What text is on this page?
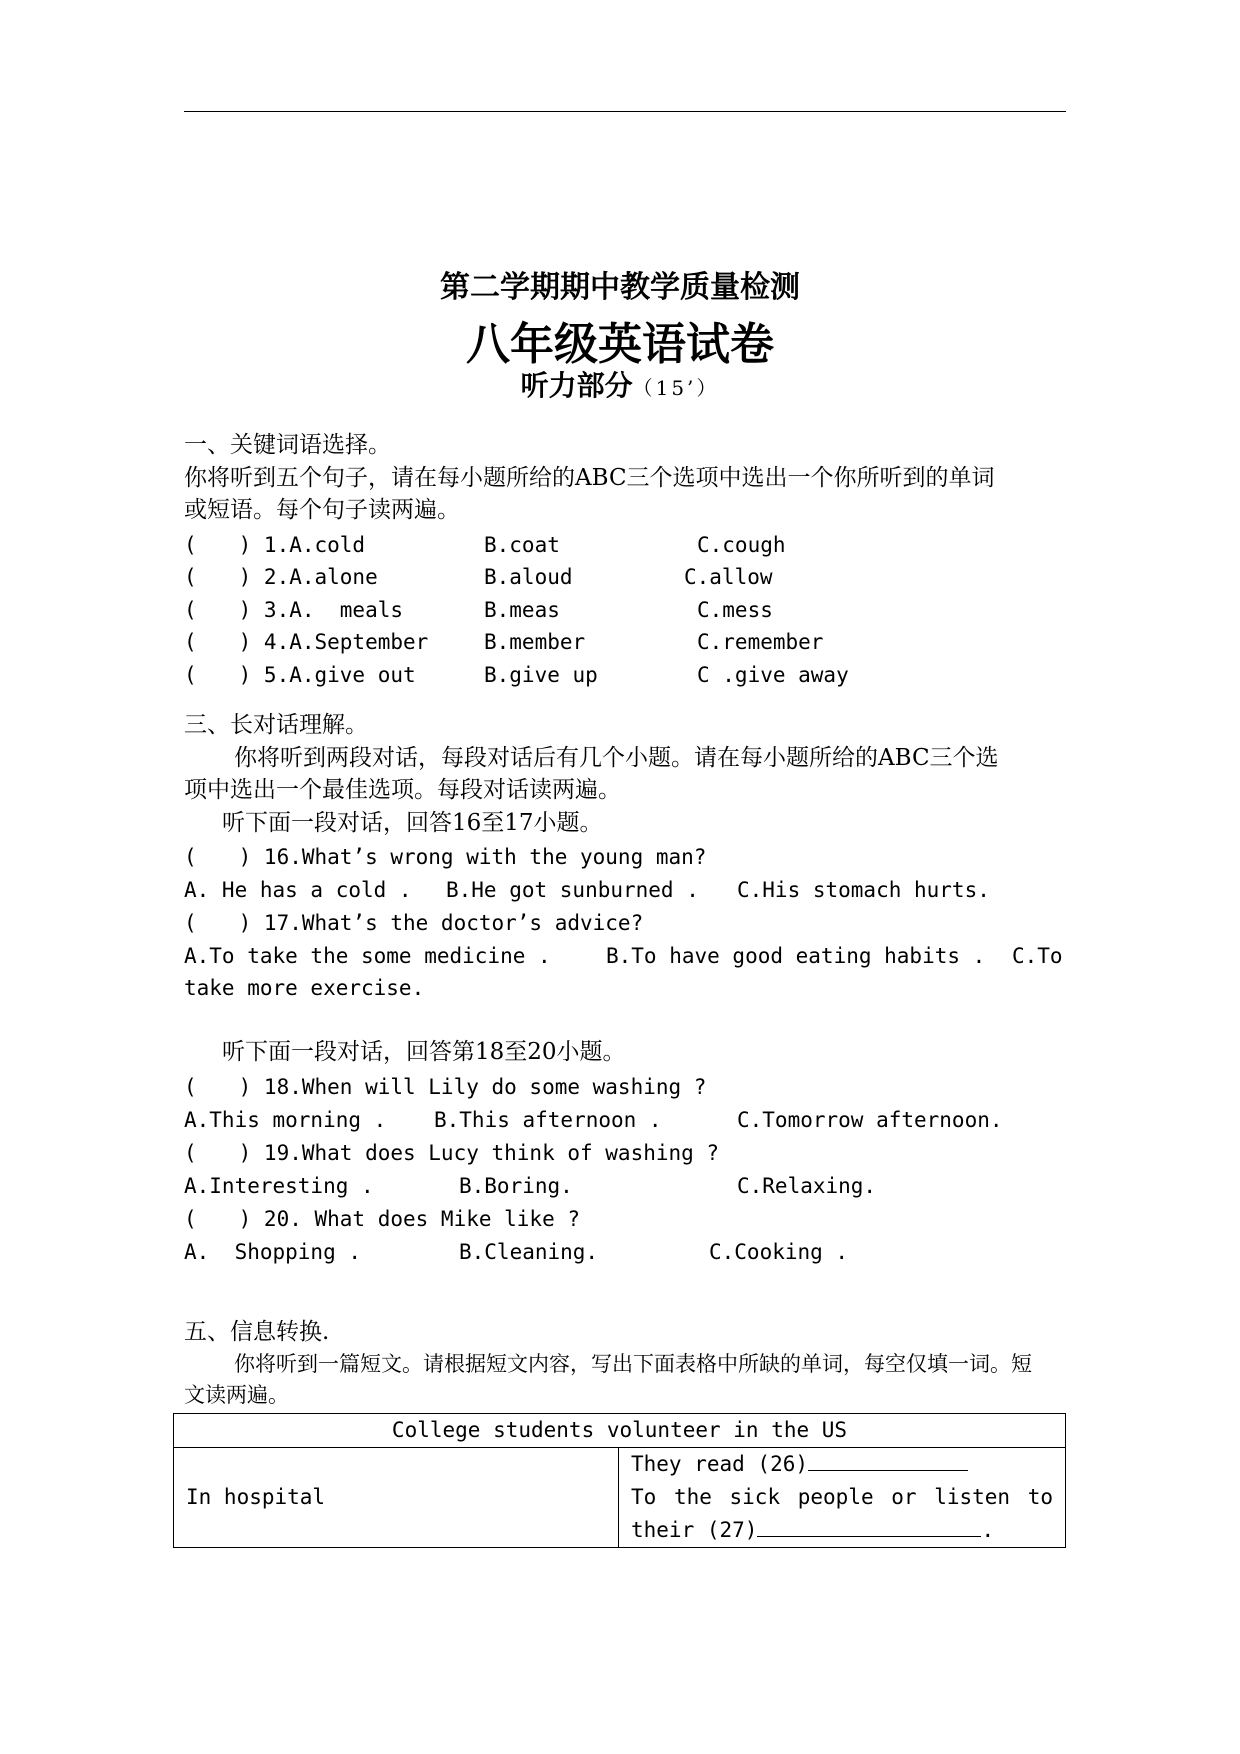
第二学期期中教学质量检测
八年级英语试卷
听力部分（15’）
一、关键词语选择。
你将听到五个句子，请在每小题所给的ABC三个选项中选出一个你所听到的单词
或短语。每个句子读两遍。
(　　) 1.A.cold	B.coat	C.cough
(　　) 2.A.alone	B.aloud	C.allow
(　　) 3.A.  meals	B.meas	C.mess
(　　) 4.A.September	B.member	C.remember
(　　) 5.A.give out	B.give up	C .give away
三、长对话理解。
你将听到两段对话，每段对话后有几个小题。请在每小题所给的ABC三个选
项中选出一个最佳选项。每段对话读两遍。
听下面一段对话，回答16至17小题。
(　　) 16.What’s wrong with the young man?
A. He has a cold . B.He got sunburned . C.His stomach hurts.
(　　) 17.What’s the doctor’s advice?
A.To take the some medicine .	B.To have good eating habits . C.To
take more exercise.
听下面一段对话，回答第18至20小题。
(　　) 18.When will Lily do some washing ?
A.This morning . B.This afternoon .	C.Tomorrow afternoon.
(　　) 19.What does Lucy think of washing ?
A.Interesting .	B.Boring.	C.Relaxing.
(　　) 20. What does Mike like ?
A.  Shopping .	B.Cleaning.	C.Cooking .
五、信息转换.
你将听到一篇短文。请根据短文内容，写出下面表格中所缺的单词，每空仅填一词。短
文读两遍。
College students volunteer in the US
In hospital	
They read (26)
To the sick people or listen to
their (27)	.
